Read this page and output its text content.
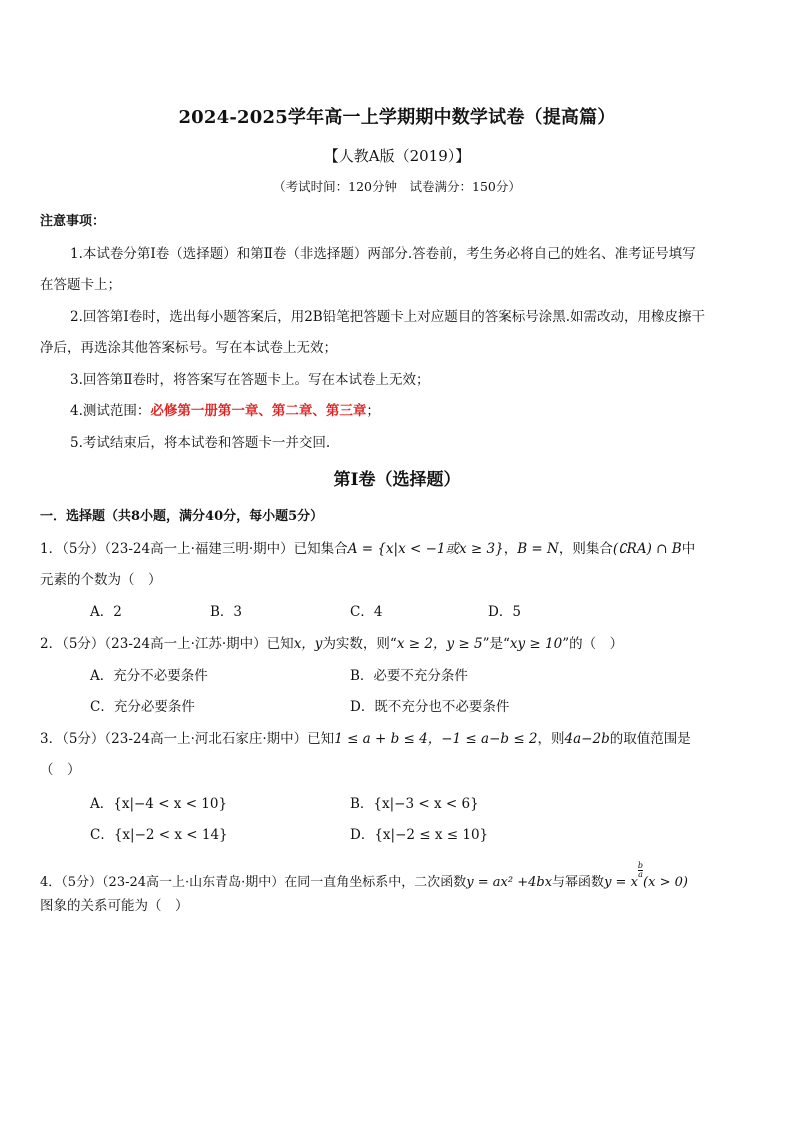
2024-2025学年高一上学期期中数学试卷（提高篇）
【人教A版（2019）】
（考试时间：120分钟　试卷满分：150分）
注意事项：
1.本试卷分第Ⅰ卷（选择题）和第Ⅱ卷（非选择题）两部分.答卷前，考生务必将自己的姓名、准考证号填写
在答题卡上；
2.回答第Ⅰ卷时，选出每小题答案后，用2B铅笔把答题卡上对应题目的答案标号涂黑.如需改动，用橡皮擦干
净后，再选涂其他答案标号。写在本试卷上无效；
3.回答第Ⅱ卷时，将答案写在答题卡上。写在本试卷上无效；
4.测试范围：必修第一册第一章、第二章、第三章；
5.考试结束后，将本试卷和答题卡一并交回.
第Ⅰ卷（选择题）
一．选择题（共8小题，满分40分，每小题5分）
1．（5分）（23-24高一上·福建三明·期中）已知集合A = {x|x < −1或x ≥ 3}，B = N，则集合(∁RA) ∩ B中
元素的个数为（　）
A．2	B．3	C．4	D．5
2．（5分）（23-24高一上·江苏·期中）已知x，y为实数，则“x ≥ 2，y ≥ 5”是“xy ≥ 10”的（　）
A．充分不必要条件	B．必要不充分条件
C．充分必要条件	D．既不充分也不必要条件
3．（5分）（23-24高一上·河北石家庄·期中）已知1 ≤ a + b ≤ 4，−1 ≤ a−b ≤ 2，则4a−2b的取值范围是
（　）
A．{x|−4 < x < 10}	B．{x|−3 < x < 6}
C．{x|−2 < x < 14}	D．{x|−2 ≤ x ≤ 10}
4．（5分）（23-24高一上·山东青岛·期中）在同一直角坐标系中，二次函数y = ax² +4bx与幂函数y = x
$\frac{b}{a}$
(x > 0)
图象的关系可能为（　）
